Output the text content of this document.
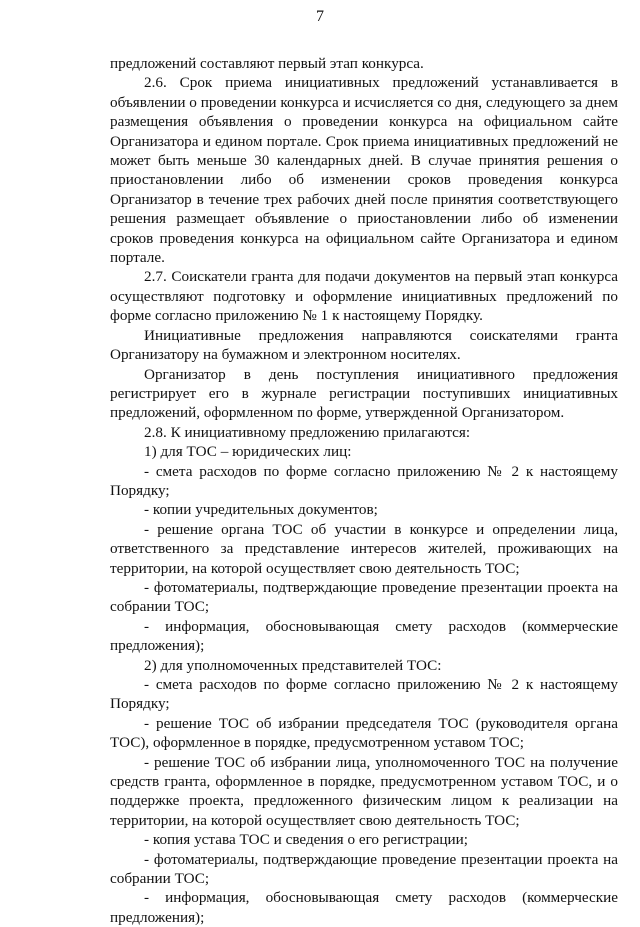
7

предложений составляют первый этап конкурса.

2.6. Срок приема инициативных предложений устанавливается в объявлении о проведении конкурса и исчисляется со дня, следующего за днем размещения объявления о проведении конкурса на официальном сайте Организатора и едином портале. Срок приема инициативных предложений не может быть меньше 30 календарных дней. В случае принятия решения о приостановлении либо об изменении сроков проведения конкурса Организатор в течение трех рабочих дней после принятия соответствующего решения размещает объявление о приостановлении либо об изменении сроков проведения конкурса на официальном сайте Организатора и едином портале.

2.7. Соискатели гранта для подачи документов на первый этап конкурса осуществляют подготовку и оформление инициативных предложений по форме согласно приложению № 1 к настоящему Порядку.

Инициативные предложения направляются соискателями гранта Организатору на бумажном и электронном носителях.

Организатор в день поступления инициативного предложения регистрирует его в журнале регистрации поступивших инициативных предложений, оформленном по форме, утвержденной Организатором.

2.8. К инициативному предложению прилагаются:

1) для ТОС – юридических лиц:

- смета расходов по форме согласно приложению № 2 к настоящему Порядку;

- копии учредительных документов;

- решение органа ТОС об участии в конкурсе и определении лица, ответственного за представление интересов жителей, проживающих на территории, на которой осуществляет свою деятельность ТОС;

- фотоматериалы, подтверждающие проведение презентации проекта на собрании ТОС;

- информация, обосновывающая смету расходов (коммерческие предложения);

2) для уполномоченных представителей ТОС:

- смета расходов по форме согласно приложению № 2 к настоящему Порядку;

- решение ТОС об избрании председателя ТОС (руководителя органа ТОС), оформленное в порядке, предусмотренном уставом ТОС;

- решение ТОС об избрании лица, уполномоченного ТОС на получение средств гранта, оформленное в порядке, предусмотренном уставом ТОС, и о поддержке проекта, предложенного физическим лицом к реализации на территории, на которой осуществляет свою деятельность ТОС;

- копия устава ТОС и сведения о его регистрации;

- фотоматериалы, подтверждающие проведение презентации проекта на собрании ТОС;

- информация, обосновывающая смету расходов (коммерческие предложения);
